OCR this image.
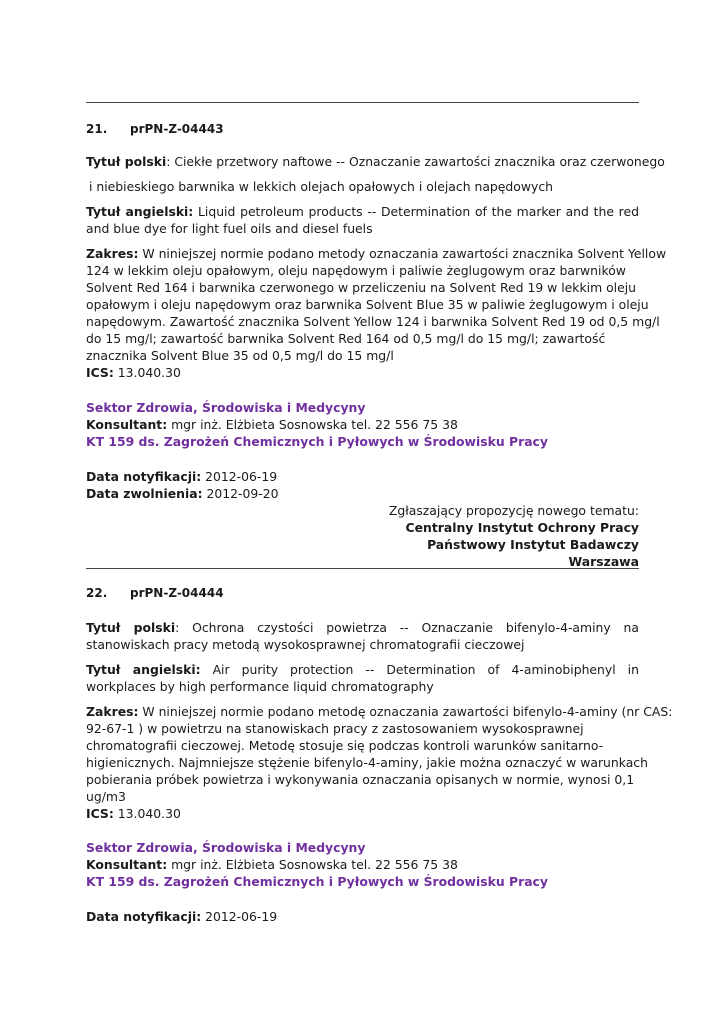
21. prPN-Z-04443
Tytuł polski: Ciekłe przetwory naftowe -- Oznaczanie zawartości znacznika oraz czerwonego
i niebieskiego barwnika w lekkich olejach opałowych i olejach napędowych
Tytuł angielski: Liquid petroleum products -- Determination of the marker and the red and blue dye for light fuel oils and diesel fuels
Zakres: W niniejszej normie podano metody oznaczania zawartości znacznika Solvent Yellow
124 w lekkim oleju opałowym, oleju napędowym i paliwie żeglugowym oraz barwników
Solvent Red 164 i barwnika czerwonego w przeliczeniu na Solvent Red 19 w lekkim oleju
opałowym i oleju napędowym oraz barwnika Solvent Blue 35 w paliwie żeglugowym i oleju
napędowym. Zawartość znacznika Solvent Yellow 124 i barwnika Solvent Red 19 od 0,5 mg/l
do 15 mg/l; zawartość barwnika Solvent Red 164 od 0,5 mg/l do 15 mg/l; zawartość
znacznika Solvent Blue 35 od 0,5 mg/l do 15 mg/l
ICS: 13.040.30
Sektor Zdrowia, Środowiska i Medycyny
Konsultant: mgr inż. Elżbieta Sosnowska tel. 22 556 75 38
KT 159 ds. Zagrożeń Chemicznych i Pyłowych w Środowisku Pracy
Data notyfikacji: 2012-06-19
Data zwolnienia: 2012-09-20
Zgłaszający propozycję nowego tematu:
Centralny Instytut Ochrony Pracy
Państwowy Instytut Badawczy
Warszawa
22. prPN-Z-04444
Tytuł polski: Ochrona czystości powietrza -- Oznaczanie bifenylo-4-aminy na stanowiskach pracy metodą wysokosprawnej chromatografii cieczowej
Tytuł angielski: Air purity protection -- Determination of 4-aminobiphenyl in workplaces by high performance liquid chromatography
Zakres: W niniejszej normie podano metodę oznaczania zawartości bifenylo-4-aminy (nr CAS:
92-67-1 ) w powietrzu na stanowiskach pracy z zastosowaniem wysokosprawnej
chromatografii cieczowej. Metodę stosuje się podczas kontroli warunków sanitarno-
higienicznych. Najmniejsze stężenie bifenylo-4-aminy, jakie można oznaczyć w warunkach
pobierania próbek powietrza i wykonywania oznaczania opisanych w normie, wynosi 0,1
ug/m3
ICS: 13.040.30
Sektor Zdrowia, Środowiska i Medycyny
Konsultant: mgr inż. Elżbieta Sosnowska tel. 22 556 75 38
KT 159 ds. Zagrożeń Chemicznych i Pyłowych w Środowisku Pracy
Data notyfikacji: 2012-06-19
